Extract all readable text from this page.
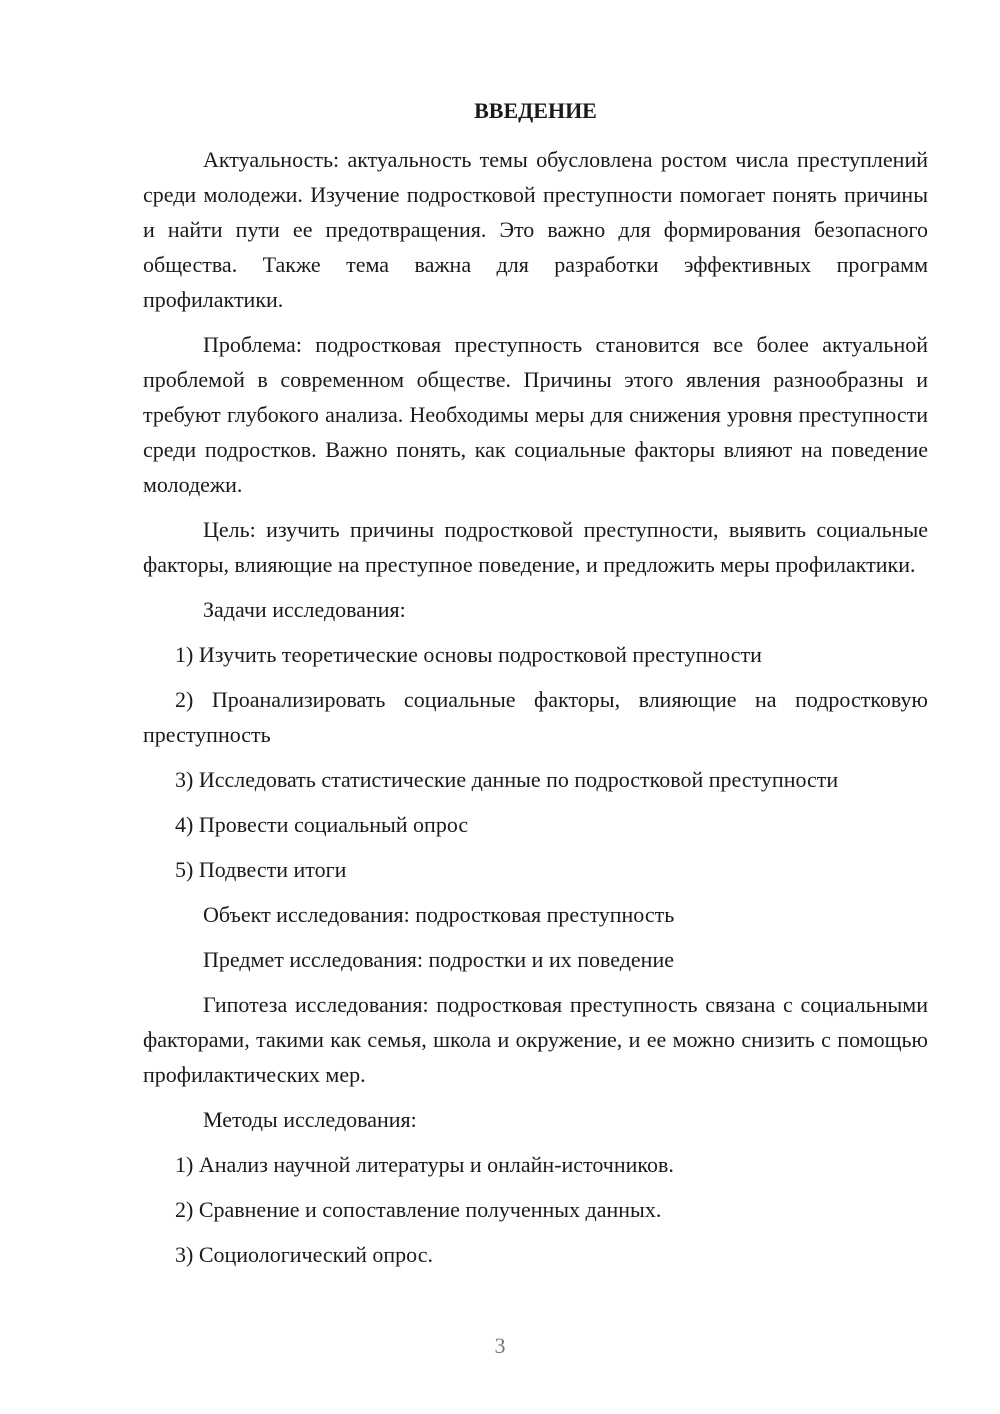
ВВЕДЕНИЕ

Актуальность: актуальность темы обусловлена ростом числа преступлений среди молодежи. Изучение подростковой преступности помогает понять причины и найти пути ее предотвращения. Это важно для формирования безопасного общества. Также тема важна для разработки эффективных программ профилактики.

Проблема: подростковая преступность становится все более актуальной проблемой в современном обществе. Причины этого явления разнообразны и требуют глубокого анализа. Необходимы меры для снижения уровня преступности среди подростков. Важно понять, как социальные факторы влияют на поведение молодежи.

Цель: изучить причины подростковой преступности, выявить социальные факторы, влияющие на преступное поведение, и предложить меры профилактики.

Задачи исследования:

1) Изучить теоретические основы подростковой преступности

2) Проанализировать социальные факторы, влияющие на подростковую преступность

3) Исследовать статистические данные по подростковой преступности

4) Провести социальный опрос

5) Подвести итоги

Объект исследования: подростковая преступность

Предмет исследования: подростки и их поведение

Гипотеза исследования: подростковая преступность связана с социальными факторами, такими как семья, школа и окружение, и ее можно снизить с помощью профилактических мер.

Методы исследования:

1) Анализ научной литературы и онлайн-источников.

2) Сравнение и сопоставление полученных данных.

3) Социологический опрос.

3
